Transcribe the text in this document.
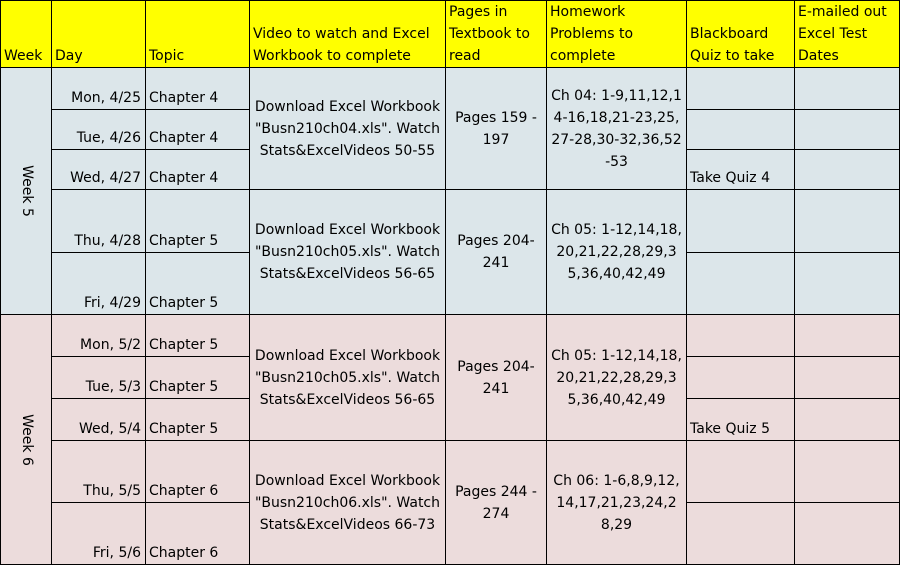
Week	Day	Topic	Video to watch and Excel Workbook to complete	Pages in Textbook to read	Homework Problems to complete	Blackboard Quiz to take	E-mailed out Excel Test Dates
Week 5	Mon, 4/25	Chapter 4	Download Excel Workbook "Busn210ch04.xls". Watch Stats&ExcelVideos 50-55	Pages 159 - 197	Ch 04: 1-9,11,12,14-16,18,21-23,25,27-28,30-32,36,52-53		
	Tue, 4/26	Chapter 4					
	Wed, 4/27	Chapter 4				Take Quiz 4	
	Thu, 4/28	Chapter 5	Download Excel Workbook "Busn210ch05.xls". Watch Stats&ExcelVideos 56-65	Pages 204-241	Ch 05: 1-12,14,18,20,21,22,28,29,35,36,40,42,49		
	Fri, 4/29	Chapter 5					
Week 6	Mon, 5/2	Chapter 5	Download Excel Workbook "Busn210ch05.xls". Watch Stats&ExcelVideos 56-65	Pages 204-241	Ch 05: 1-12,14,18,20,21,22,28,29,35,36,40,42,49		
	Tue, 5/3	Chapter 5					
	Wed, 5/4	Chapter 5				Take Quiz 5	
	Thu, 5/5	Chapter 6	Download Excel Workbook "Busn210ch06.xls". Watch Stats&ExcelVideos 66-73	Pages 244 - 274	Ch 06: 1-6,8,9,12,14,17,21,23,24,28,29		
	Fri, 5/6	Chapter 6					
